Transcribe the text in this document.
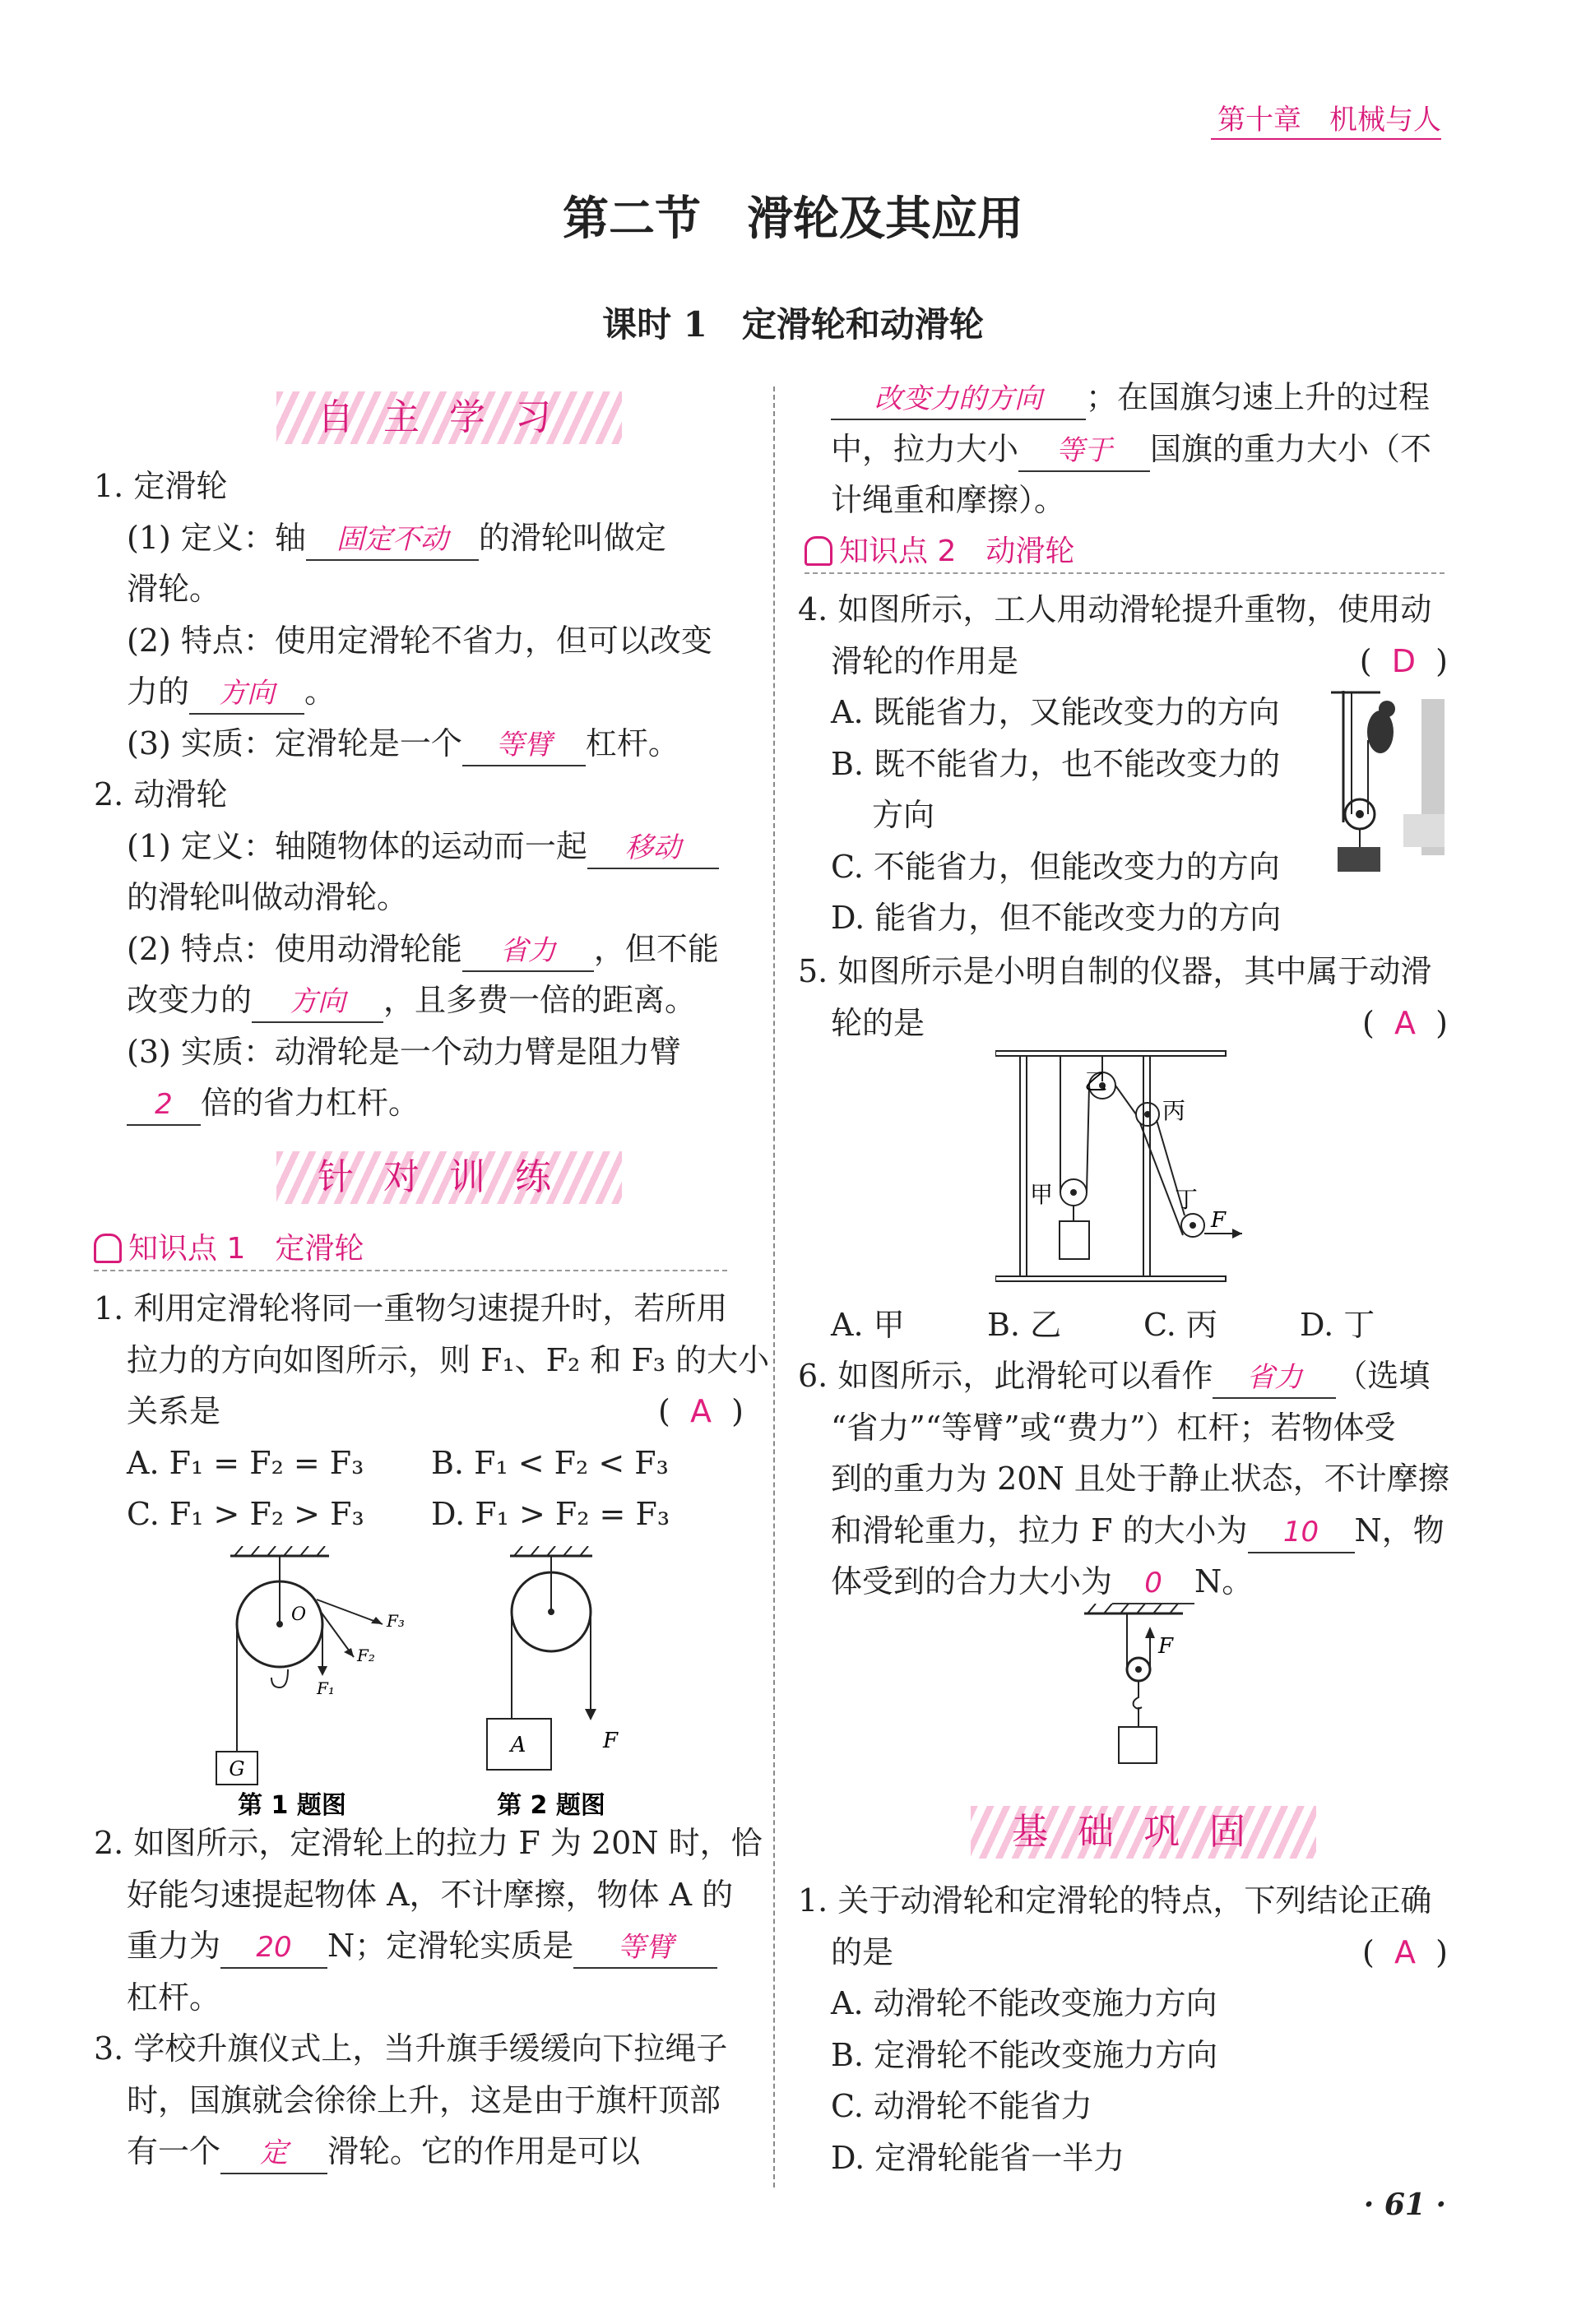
第十章　机械与人
第二节　滑轮及其应用
课时 1　定滑轮和动滑轮
自主学习
1. 定滑轮
(1) 定义：轴 固定不动 的滑轮叫做定
滑轮。
(2) 特点：使用定滑轮不省力，但可以改变
力的 方向 。
(3) 实质：定滑轮是一个 等臂 杠杆。
2. 动滑轮
(1) 定义：轴随物体的运动而一起 移动
的滑轮叫做动滑轮。
(2) 特点：使用动滑轮能 省力 ，但不能
改变力的 方向 ，且多费一倍的距离。
(3) 实质：动滑轮是一个动力臂是阻力臂
2 倍的省力杠杆。
针对训练
知识点 1　定滑轮
1. 利用定滑轮将同一重物匀速提升时，若所用
拉力的方向如图所示，则 F₁、F₂ 和 F₃ 的大小
关系是	(  A  )
A. F₁ = F₂ = F₃ B. F₁ < F₂ < F₃
C. F₁ > F₂ > F₃ D. F₁ > F₂ = F₃
G
O	F₃
F₂
F₁
第 1 题图
A	F
第 2 题图
2. 如图所示，定滑轮上的拉力 F 为 20N 时，恰
好能匀速提起物体 A，不计摩擦，物体 A 的
重力为 20 N；定滑轮实质是 等臂
杠杆。
3. 学校升旗仪式上，当升旗手缓缓向下拉绳子
时，国旗就会徐徐上升，这是由于旗杆顶部
有一个 定 滑轮。它的作用是可以
改变力的方向 ；在国旗匀速上升的过程
中，拉力大小 等于 国旗的重力大小（不
计绳重和摩擦）。
知识点 2　动滑轮
4. 如图所示，工人用动滑轮提升重物，使用动
滑轮的作用是	(  D  )
A. 既能省力，又能改变力的方向
B. 既不能省力，也不能改变力的
方向
C. 不能省力，但能改变力的方向
D. 能省力，但不能改变力的方向
5. 如图所示是小明自制的仪器，其中属于动滑
轮的是	(  A  )
乙
丙
甲	丁
F
A. 甲	B. 乙	C. 丙	D. 丁
6. 如图所示，此滑轮可以看作 省力 （选填
“省力”“等臂”或“费力”）杠杆；若物体受
到的重力为 20N 且处于静止状态，不计摩擦
和滑轮重力，拉力 F 的大小为 10 N，物
体受到的合力大小为 0 N。
F
基础巩固
1. 关于动滑轮和定滑轮的特点，下列结论正确
的是	(  A  )
A. 动滑轮不能改变施力方向
B. 定滑轮不能改变施力方向
C. 动滑轮不能省力
D. 定滑轮能省一半力
· 61 ·
